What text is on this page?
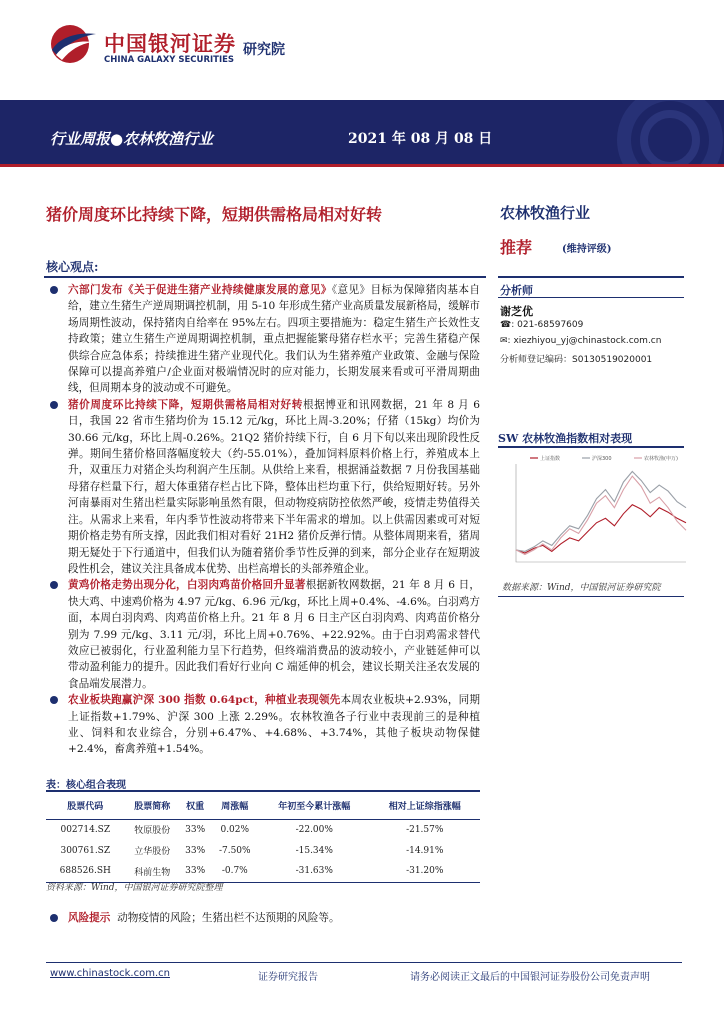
中国银河证券
CHINA GALAXY SECURITIES
研究院
行业周报●农林牧渔行业	2021 年 08 月 08 日
猪价周度环比持续下降，短期供需格局相对好转	农林牧渔行业
推荐	(维持评级)
核心观点:
六部门发布《关于促进生猪产业持续健康发展的意见》《意见》目标为保障猪肉基本自给，建立生猪生产逆周期调控机制，用 5-10 年形成生猪产业高质量发展新格局，缓解市场周期性波动，保持猪肉自给率在 95%左右。四项主要措施为：稳定生猪生产长效性支持政策；建立生猪生产逆周期调控机制，重点把握能繁母猪存栏水平；完善生猪稳产保供综合应急体系；持续推进生猪产业现代化。我们认为生猪养殖产业政策、金融与保险保障可以提高养殖户/企业面对极端情况时的应对能力，长期发展来看或可平滑周期曲线，但周期本身的波动或不可避免。
猪价周度环比持续下降，短期供需格局相对好转根据博亚和讯网数据，21 年 8 月 6 日，我国 22 省市生猪均价为 15.12 元/kg，环比上周-3.20%；仔猪（15kg）均价为 30.66 元/kg，环比上周-0.26%。21Q2 猪价持续下行，自 6 月下旬以来出现阶段性反弹。期间生猪价格回落幅度较大（约-55.01%），叠加饲料原料价格上行，养殖成本上升，双重压力对猪企头均利润产生压制。从供给上来看，根据涌益数据 7 月份我国基础母猪存栏量下行，超大体重猪存栏占比下降，整体出栏均重下行，供给短期好转。另外河南暴雨对生猪出栏量实际影响虽然有限，但动物疫病防控依然严峻，疫情走势值得关注。从需求上来看，年内季节性波动将带来下半年需求的增加。以上供需因素或可对短期价格走势有所支撑，因此我们相对看好 21H2 猪价反弹行情。从整体周期来看，猪周期无疑处于下行通道中，但我们认为随着猪价季节性反弹的到来，部分企业存在短期波段性机会，建议关注具备成本优势、出栏高增长的头部养殖企业。
黄鸡价格走势出现分化，白羽肉鸡苗价格回升显著根据新牧网数据，21 年 8 月 6 日，快大鸡、中速鸡价格为 4.97 元/kg、6.96 元/kg，环比上周+0.4%、-4.6%。白羽鸡方面，本周白羽肉鸡、肉鸡苗价格上升。21 年 8 月 6 日主产区白羽肉鸡、肉鸡苗价格分别为 7.99 元/kg、3.11 元/羽，环比上周+0.76%、+22.92%。由于白羽鸡需求替代效应已被弱化，行业盈利能力呈下行趋势，但终端消费品的波动较小，产业链延伸可以带动盈利能力的提升。因此我们看好行业向 C 端延伸的机会，建议长期关注圣农发展的食品端发展潜力。
农业板块跑赢沪深 300 指数 0.64pct，种植业表现领先本周农业板块+2.93%，同期上证指数+1.79%、沪深 300 上涨 2.29%。农林牧渔各子行业中表现前三的是种植业、饲料和农业综合，分别+6.47%、+4.68%、+3.74%，其他子板块动物保健+2.4%，畜禽养殖+1.54%。
分析师
谢芝优
☎: 021-68597609
✉: xiezhiyou_yj@chinastock.com.cn
分析师登记编码：S0130519020001
SW 农林牧渔指数相对表现
上证指数	沪深300	农林牧渔(申万)
数据来源：Wind，中国银河证券研究院
表：核心组合表现
股票代码	股票简称	权重	周涨幅	年初至今累计涨幅	相对上证综指涨幅
002714.SZ	牧原股份	33%	0.02%	-22.00%	-21.57%
300761.SZ	立华股份	33%	-7.50%	-15.34%	-14.91%
688526.SH	科前生物	33%	-0.7%	-31.63%	-31.20%
资料来源：Wind，中国银河证券研究院整理
风险提示 动物疫情的风险；生猪出栏不达预期的风险等。
www.chinastock.com.cn	证券研究报告	请务必阅读正文最后的中国银河证券股份公司免责声明
